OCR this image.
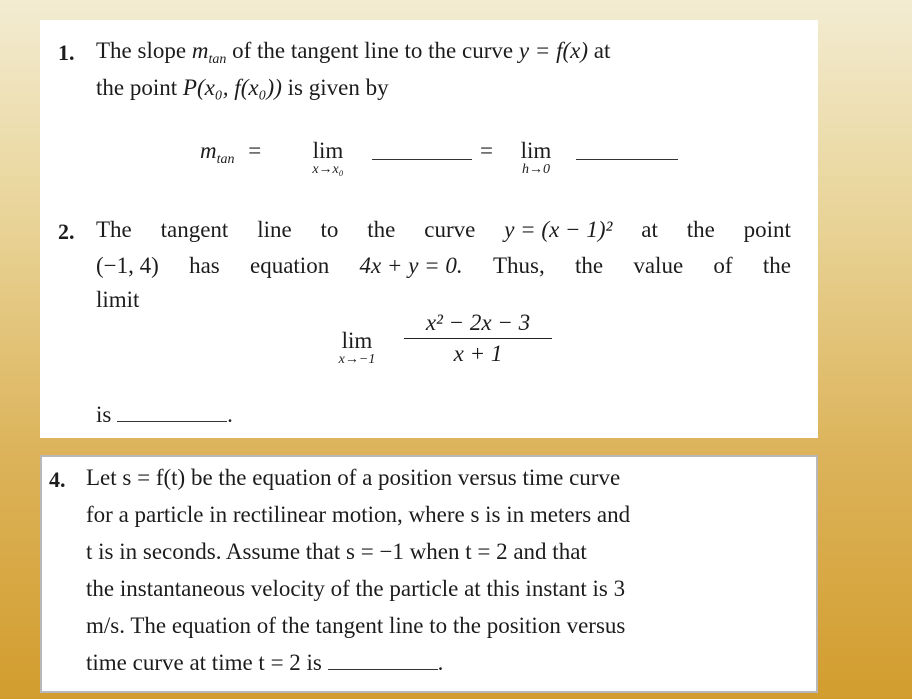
1. The slope $m_{tan}$ of the tangent line to the curve y = f(x) at
the point P(x₀, f(x₀)) is given by
$m_{tan}$ =	lim
x→x₀
=	lim
h→0
2. The tangent line to the curve y = (x − 1)² at the point
(−1, 4) has equation 4x + y = 0. Thus, the value of the
limit
lim
x→−1
x² − 2x − 3
x + 1
is	.
4. Let s = f(t) be the equation of a position versus time curve
for a particle in rectilinear motion, where s is in meters and
t is in seconds. Assume that s = −1 when t = 2 and that
the instantaneous velocity of the particle at this instant is 3
m/s. The equation of the tangent line to the position versus
time curve at time t = 2 is	.
